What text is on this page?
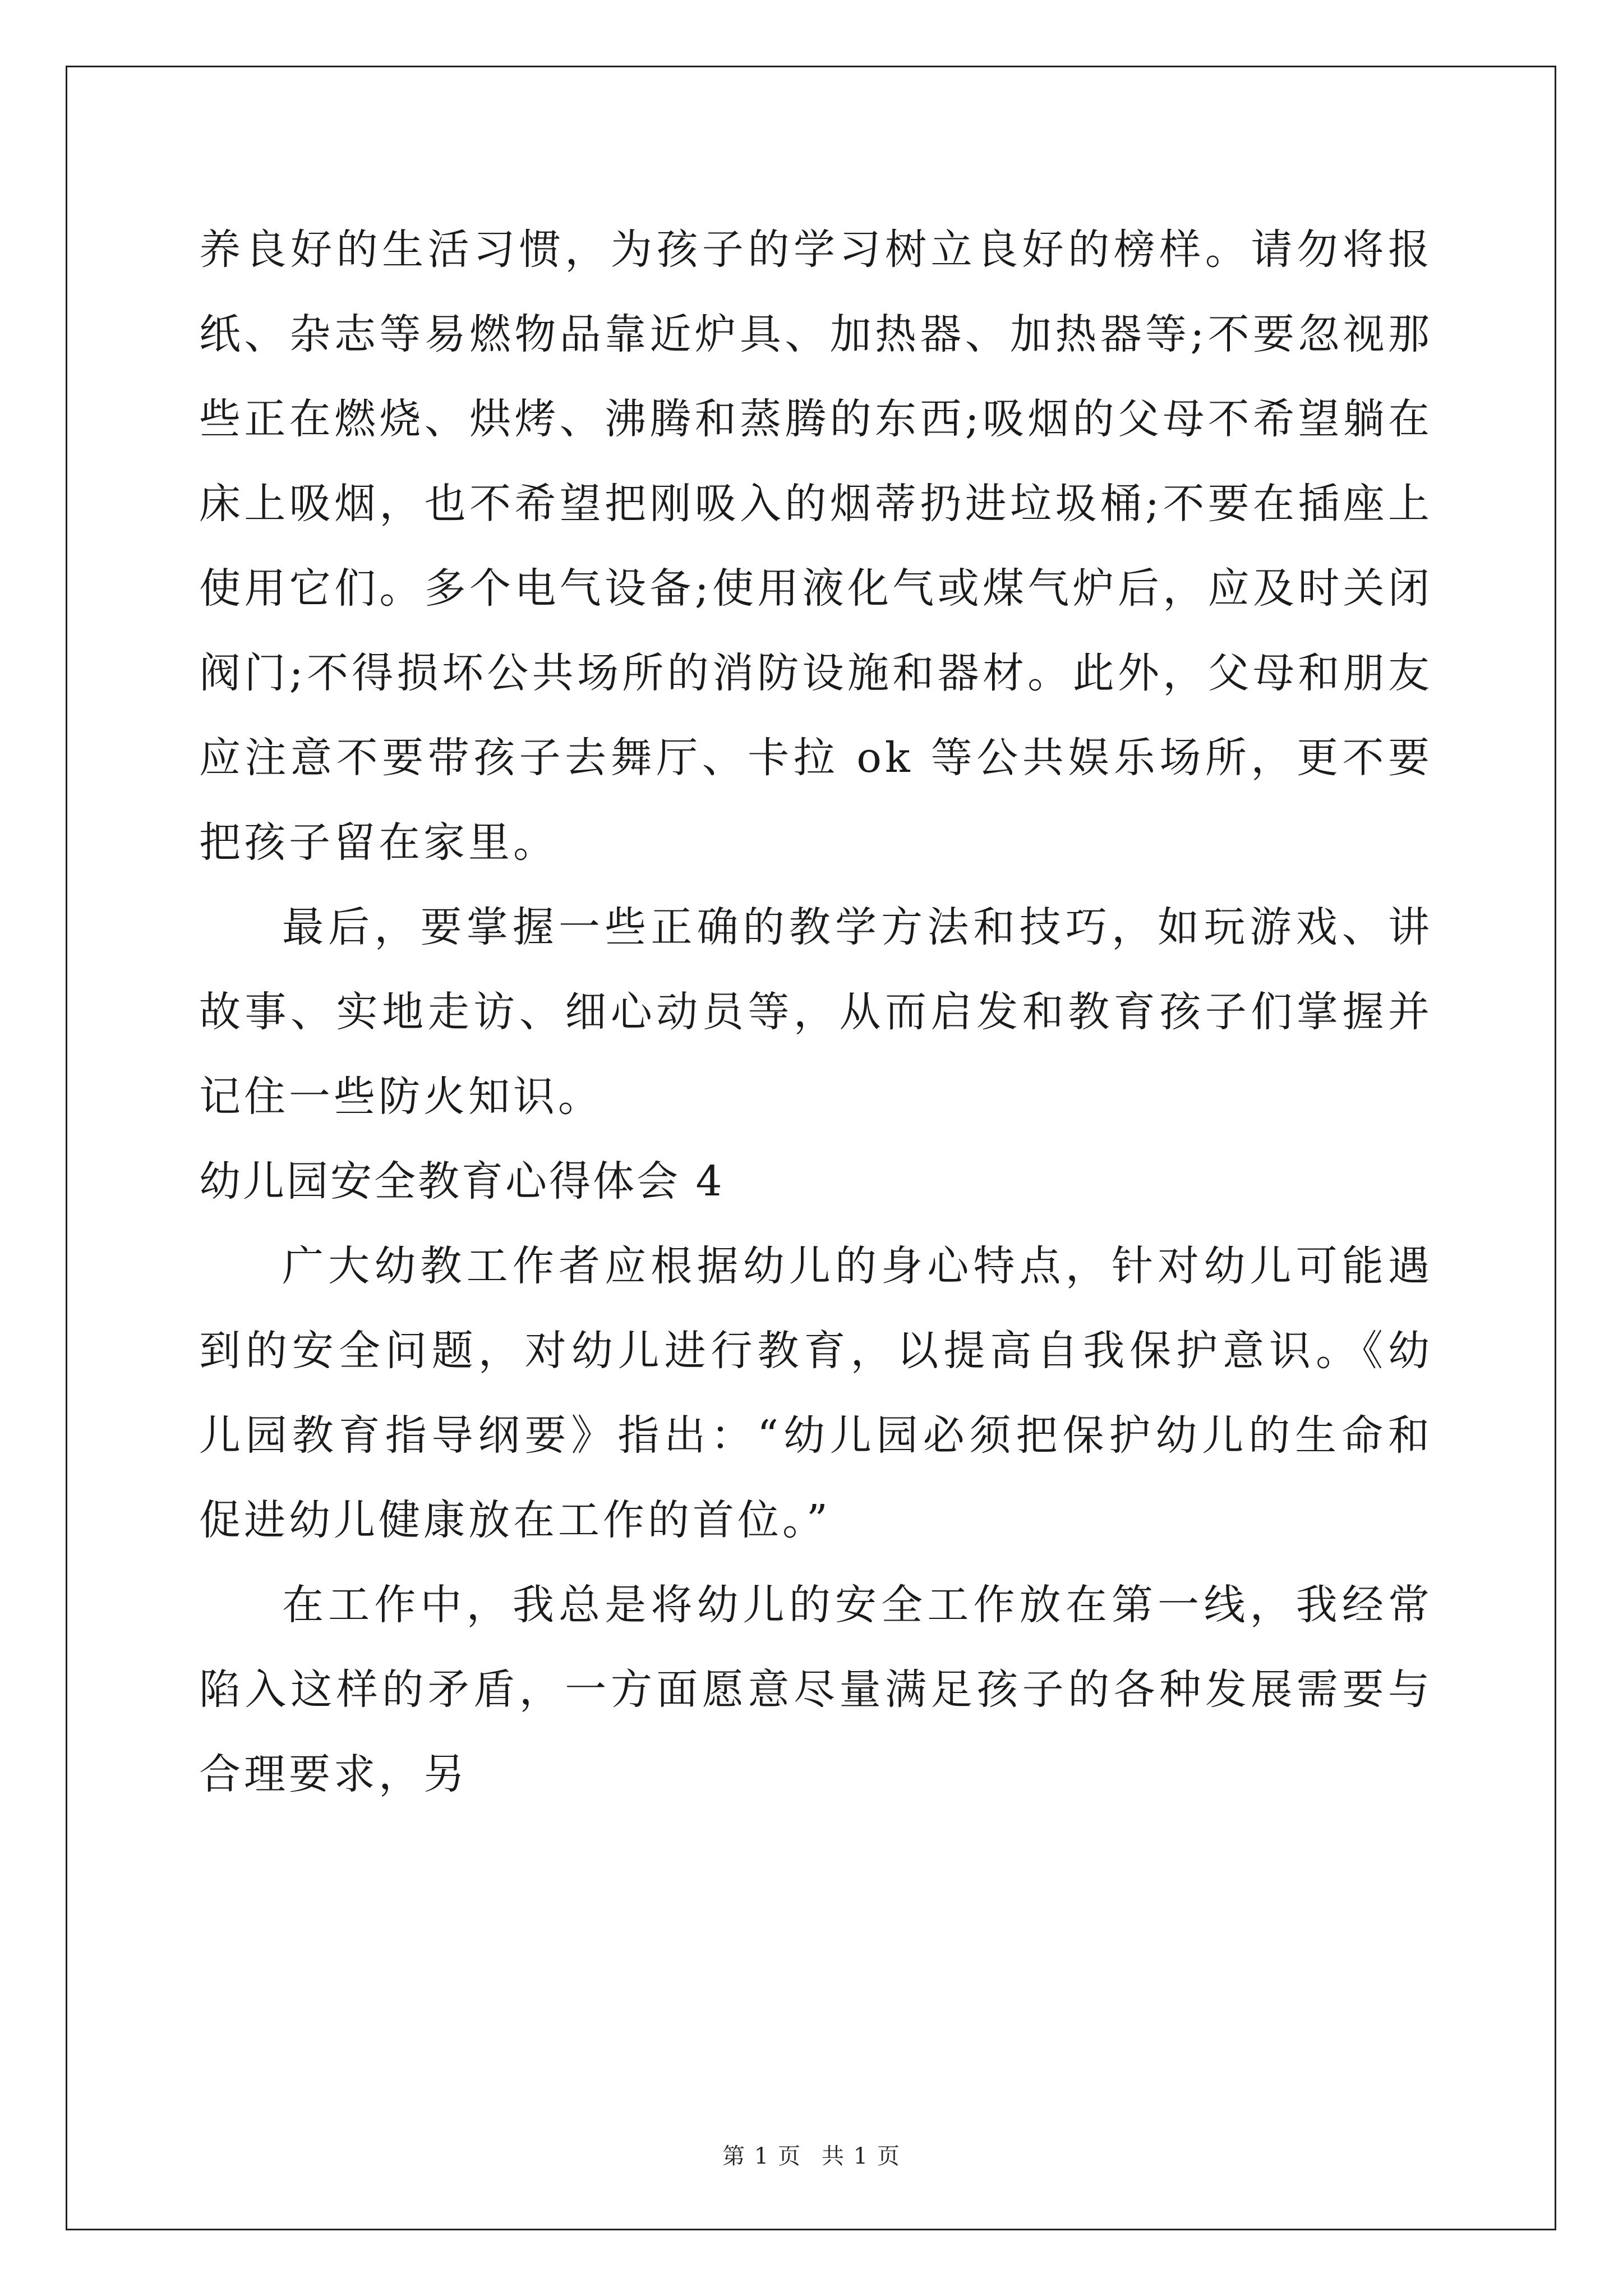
养良好的生活习惯，为孩子的学习树立良好的榜样。请勿将报纸、杂志等易燃物品靠近炉具、加热器、加热器等;不要忽视那些正在燃烧、烘烤、沸腾和蒸腾的东西;吸烟的父母不希望躺在床上吸烟，也不希望把刚吸入的烟蒂扔进垃圾桶;不要在插座上使用它们。多个电气设备;使用液化气或煤气炉后，应及时关闭阀门;不得损坏公共场所的消防设施和器材。此外，父母和朋友应注意不要带孩子去舞厅、卡拉 ok 等公共娱乐场所，更不要把孩子留在家里。

最后，要掌握一些正确的教学方法和技巧，如玩游戏、讲故事、实地走访、细心动员等，从而启发和教育孩子们掌握并记住一些防火知识。

幼儿园安全教育心得体会 4

广大幼教工作者应根据幼儿的身心特点，针对幼儿可能遇到的安全问题，对幼儿进行教育，以提高自我保护意识。《幼儿园教育指导纲要》指出：“幼儿园必须把保护幼儿的生命和促进幼儿健康放在工作的首位。”

在工作中，我总是将幼儿的安全工作放在第一线，我经常陷入这样的矛盾，一方面愿意尽量满足孩子的各种发展需要与合理要求，另

第 1 页 共 1 页
